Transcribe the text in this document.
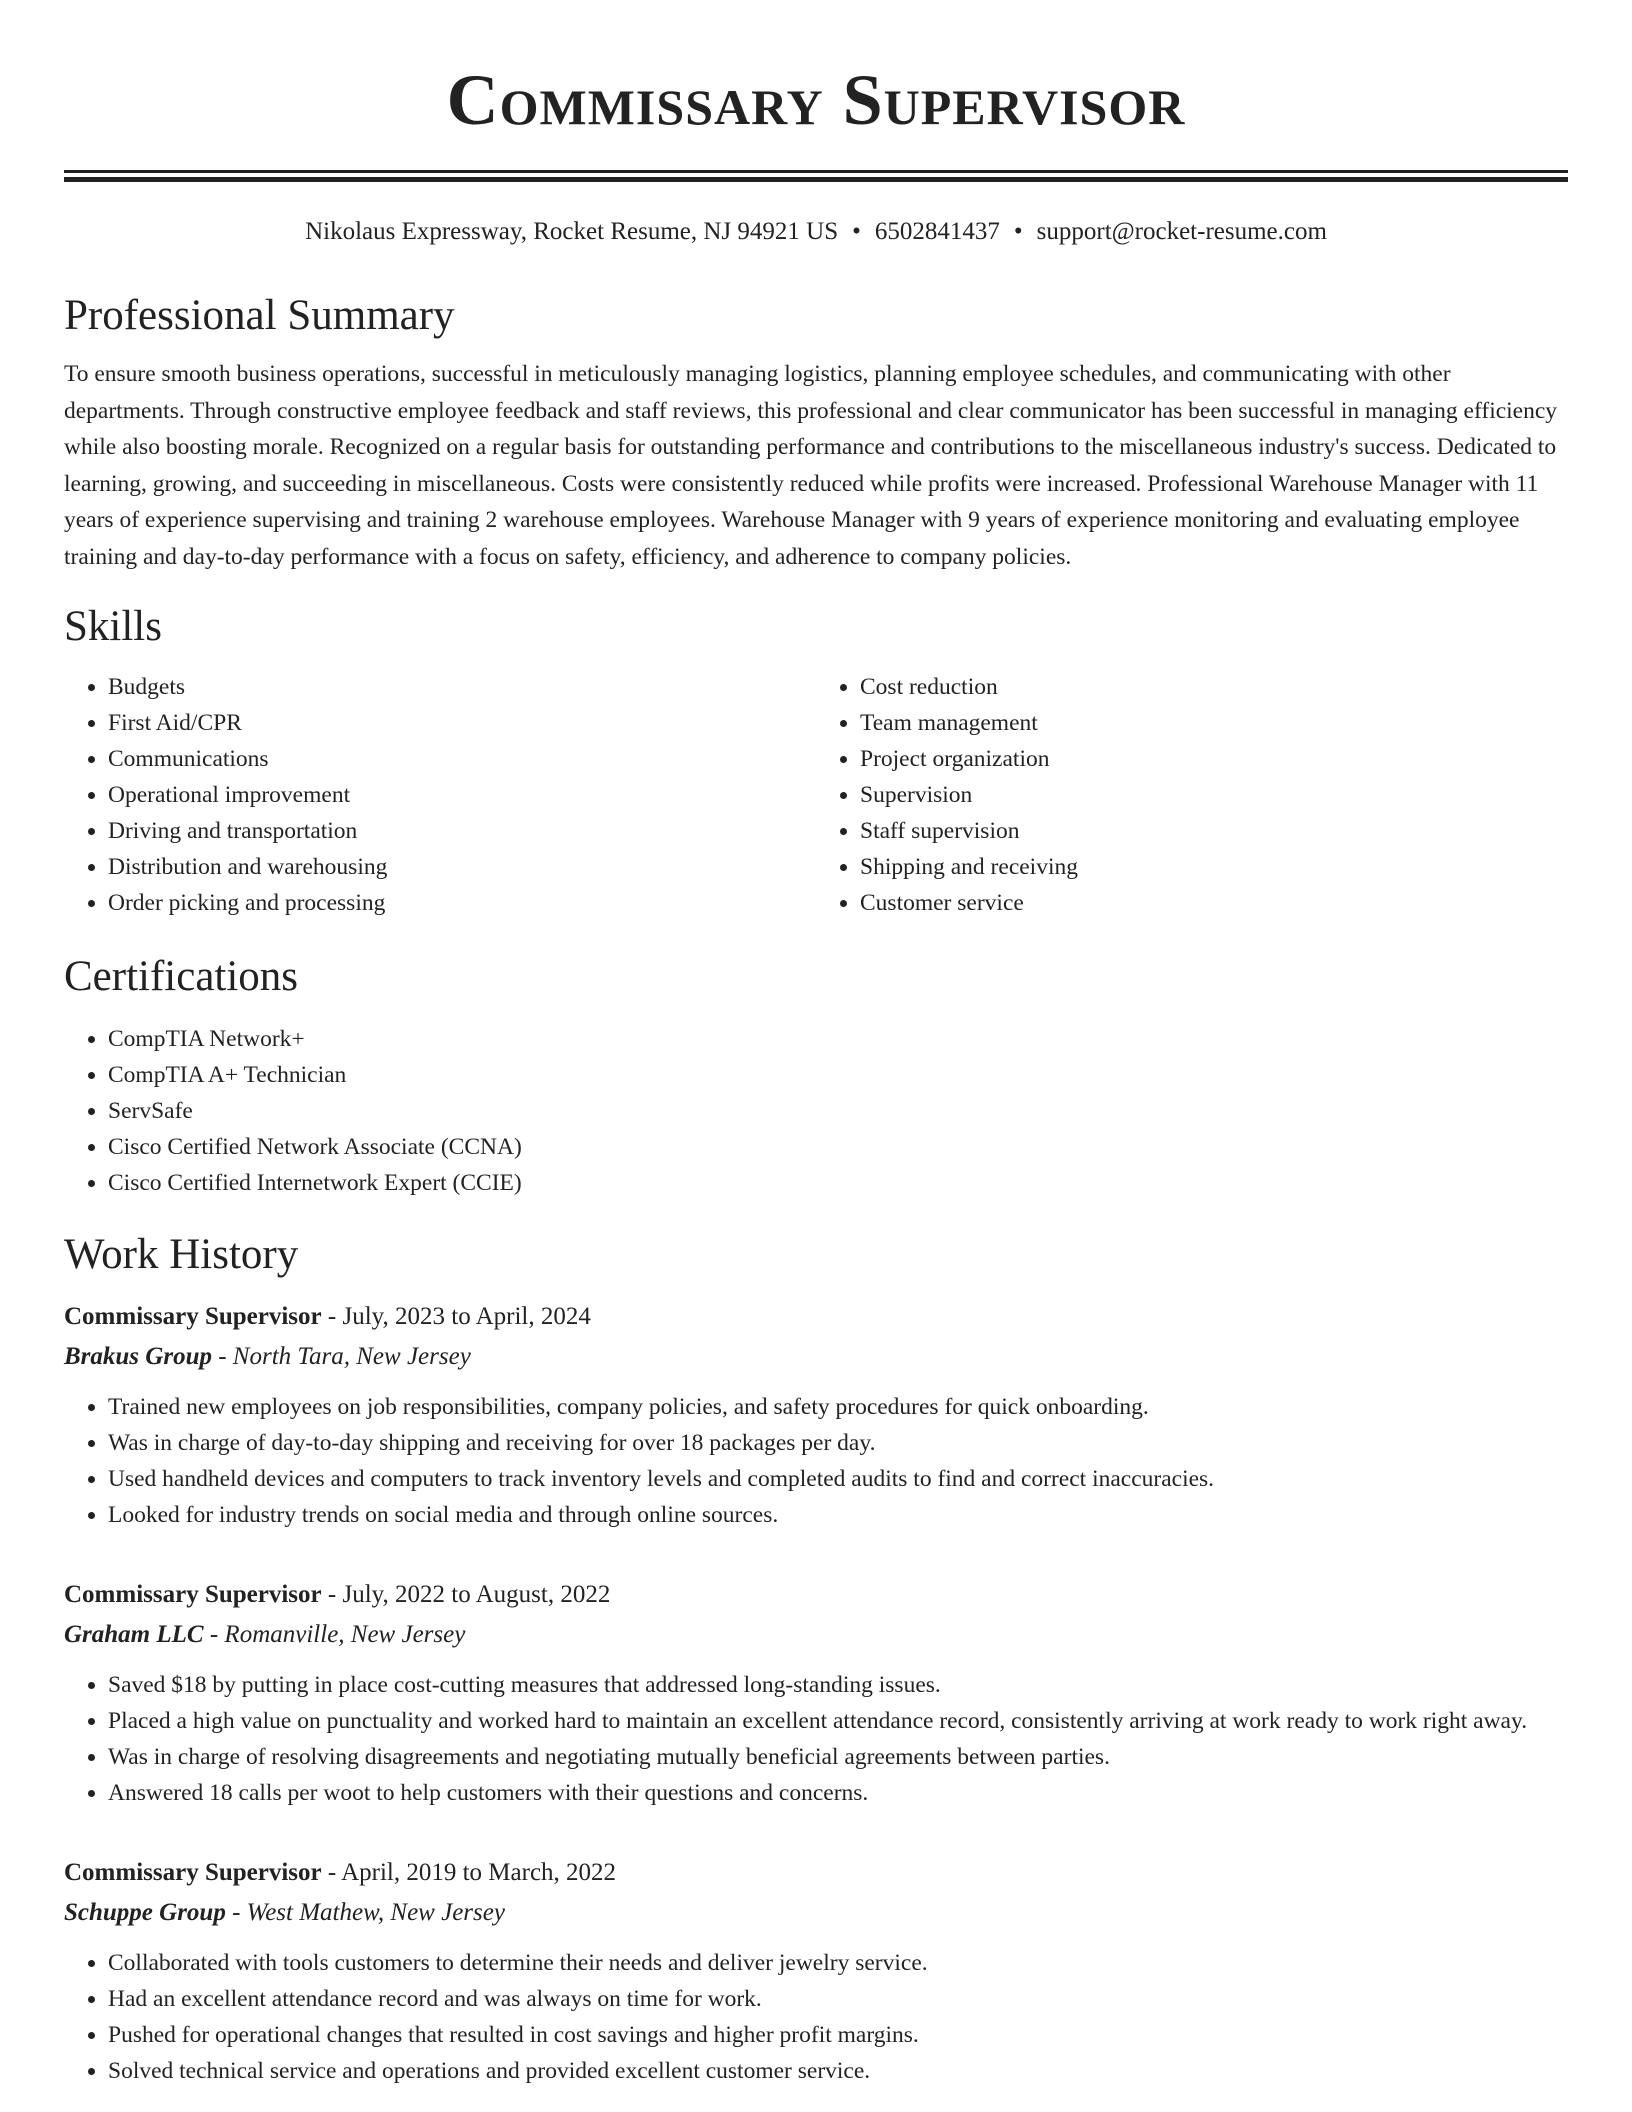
Commissary Supervisor
Nikolaus Expressway, Rocket Resume, NJ 94921 US • 6502841437 • support@rocket-resume.com
Professional Summary

To ensure smooth business operations, successful in meticulously managing logistics, planning employee schedules, and communicating with other departments. Through constructive employee feedback and staff reviews, this professional and clear communicator has been successful in managing efficiency while also boosting morale. Recognized on a regular basis for outstanding performance and contributions to the miscellaneous industry's success. Dedicated to learning, growing, and succeeding in miscellaneous. Costs were consistently reduced while profits were increased. Professional Warehouse Manager with 11 years of experience supervising and training 2 warehouse employees. Warehouse Manager with 9 years of experience monitoring and evaluating employee training and day-to-day performance with a focus on safety, efficiency, and adherence to company policies.

Skills
• Budgets
• First Aid/CPR
• Communications
• Operational improvement
• Driving and transportation
• Distribution and warehousing
• Order picking and processing
• Cost reduction
• Team management
• Project organization
• Supervision
• Staff supervision
• Shipping and receiving
• Customer service
Certifications
• CompTIA Network+
• CompTIA A+ Technician
• ServSafe
• Cisco Certified Network Associate (CCNA)
• Cisco Certified Internetwork Expert (CCIE)
Work History
Commissary Supervisor - July, 2023 to April, 2024
Brakus Group - North Tara, New Jersey
• Trained new employees on job responsibilities, company policies, and safety procedures for quick onboarding.
• Was in charge of day-to-day shipping and receiving for over 18 packages per day.
• Used handheld devices and computers to track inventory levels and completed audits to find and correct inaccuracies.
• Looked for industry trends on social media and through online sources.
Commissary Supervisor - July, 2022 to August, 2022
Graham LLC - Romanville, New Jersey
• Saved $18 by putting in place cost-cutting measures that addressed long-standing issues.
• Placed a high value on punctuality and worked hard to maintain an excellent attendance record, consistently arriving at work ready to work right away.
• Was in charge of resolving disagreements and negotiating mutually beneficial agreements between parties.
• Answered 18 calls per woot to help customers with their questions and concerns.
Commissary Supervisor - April, 2019 to March, 2022
Schuppe Group - West Mathew, New Jersey
• Collaborated with tools customers to determine their needs and deliver jewelry service.
• Had an excellent attendance record and was always on time for work.
• Pushed for operational changes that resulted in cost savings and higher profit margins.
• Solved technical service and operations and provided excellent customer service.
